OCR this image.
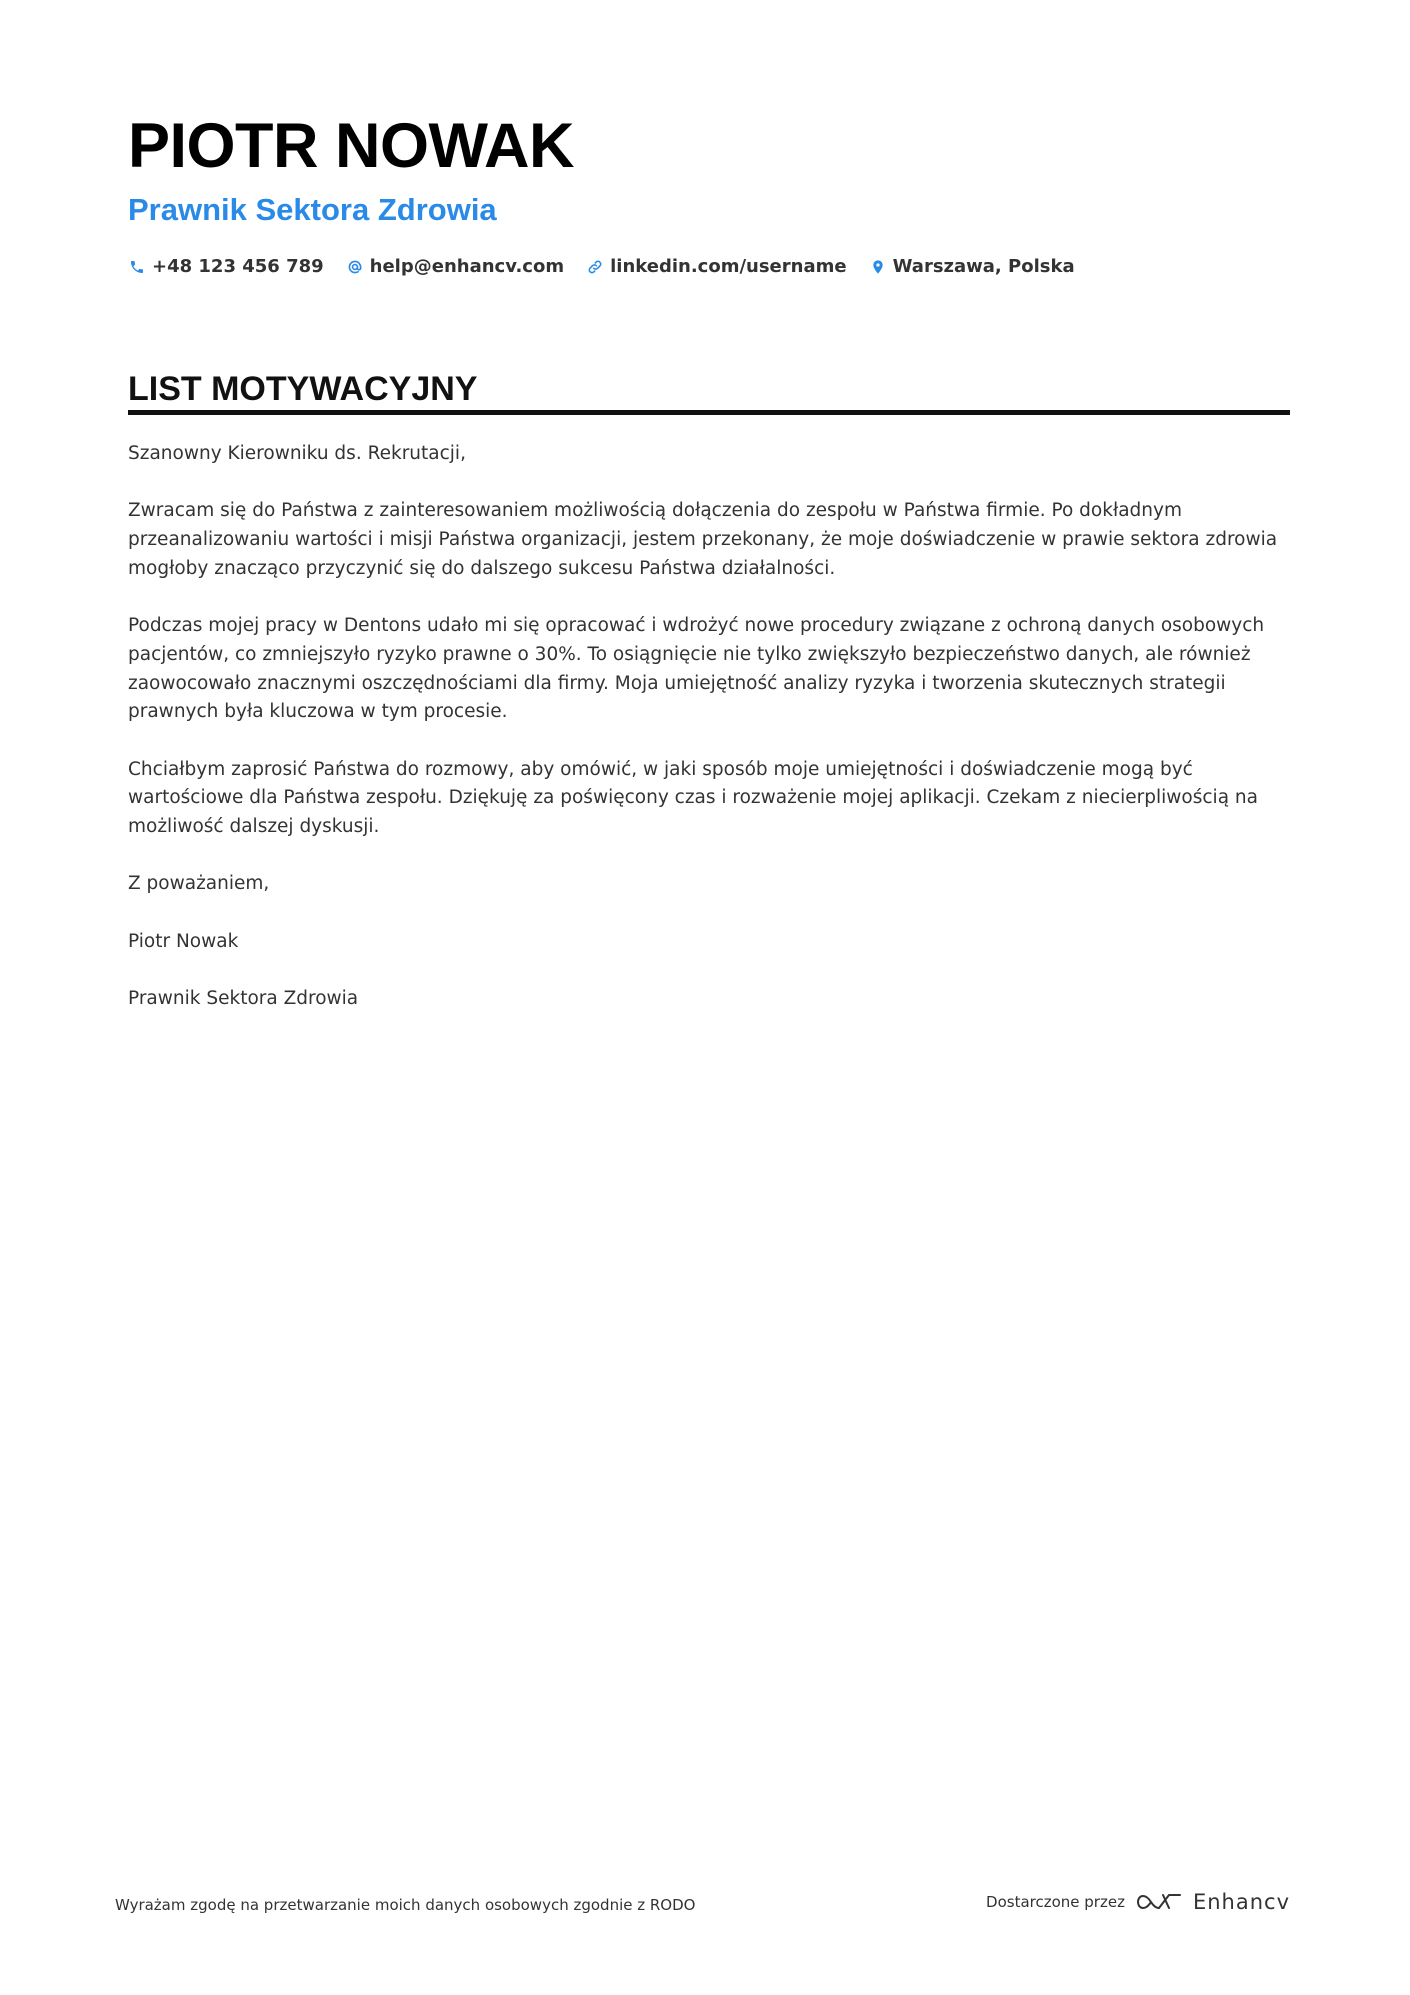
PIOTR NOWAK
Prawnik Sektora Zdrowia
+48 123 456 789	help@enhancv.com	linkedin.com/username	Warszawa, Polska
LIST MOTYWACYJNY

Szanowny Kierowniku ds. Rekrutacji,

Zwracam się do Państwa z zainteresowaniem możliwością dołączenia do zespołu w Państwa firmie. Po dokładnym przeanalizowaniu wartości i misji Państwa organizacji, jestem przekonany, że moje doświadczenie w prawie sektora zdrowia mogłoby znacząco przyczynić się do dalszego sukcesu Państwa działalności.

Podczas mojej pracy w Dentons udało mi się opracować i wdrożyć nowe procedury związane z ochroną danych osobowych pacjentów, co zmniejszyło ryzyko prawne o 30%. To osiągnięcie nie tylko zwiększyło bezpieczeństwo danych, ale również zaowocowało znacznymi oszczędnościami dla firmy. Moja umiejętność analizy ryzyka i tworzenia skutecznych strategii prawnych była kluczowa w tym procesie.

Chciałbym zaprosić Państwa do rozmowy, aby omówić, w jaki sposób moje umiejętności i doświadczenie mogą być wartościowe dla Państwa zespołu. Dziękuję za poświęcony czas i rozważenie mojej aplikacji. Czekam z niecierpliwością na możliwość dalszej dyskusji.

Z poważaniem,

Piotr Nowak

Prawnik Sektora Zdrowia

Wyrażam zgodę na przetwarzanie moich danych osobowych zgodnie z RODO	Dostarczone przez	Enhancv
